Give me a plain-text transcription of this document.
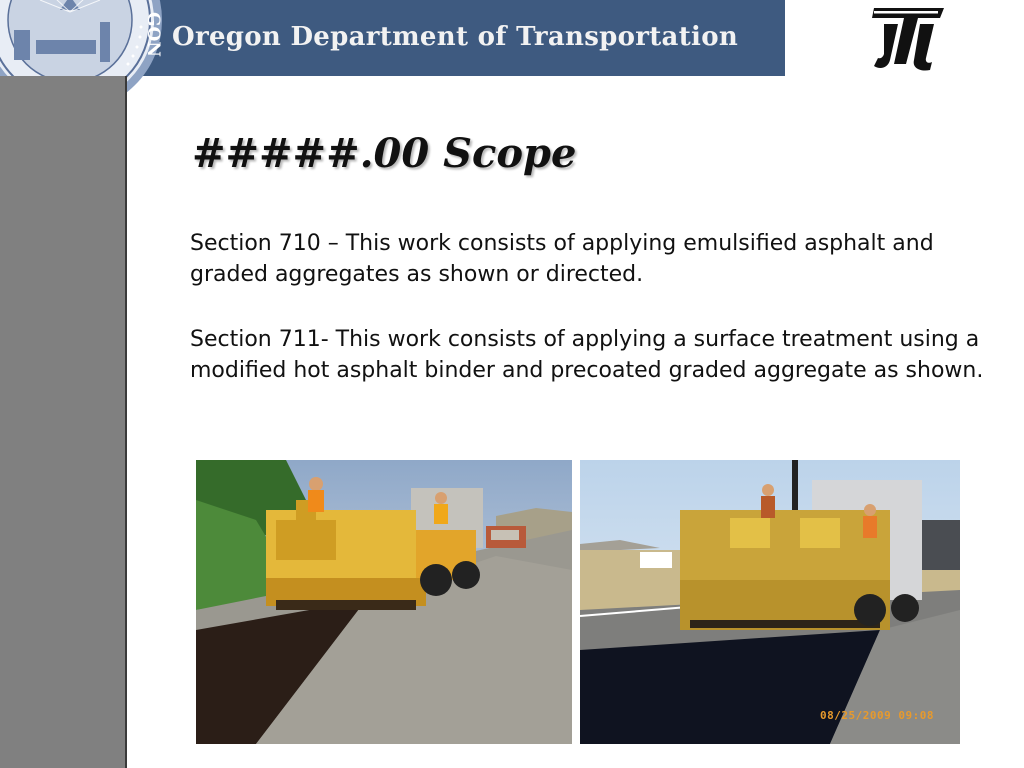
GON Oregon Department of Transportation
#####.00 Scope
Section 710 – This work consists of applying emulsified asphalt and graded aggregates as shown or directed.
Section 711- This work consists of applying a surface treatment using a modified hot asphalt binder and precoated graded aggregate as shown.
08/25/2009 09:08
